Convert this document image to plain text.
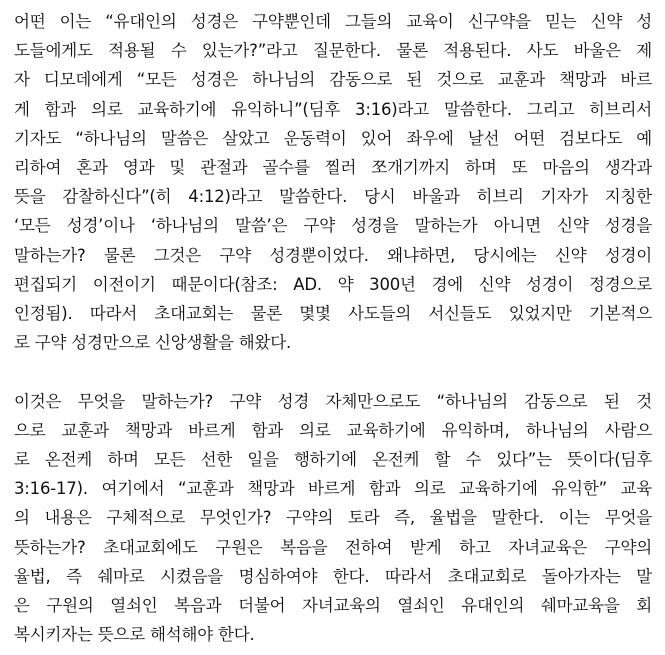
어떤 이는 “유대인의 성경은 구약뿐인데 그들의 교육이 신구약을 믿는 신약 성
도들에게도 적용될 수 있는가?”라고 질문한다. 물론 적용된다. 사도 바울은 제
자 디모데에게 “모든 성경은 하나님의 감동으로 된 것으로 교훈과 책망과 바르
게 함과 의로 교육하기에 유익하니”(딤후 3:16)라고 말씀한다. 그리고 히브리서
기자도 “하나님의 말씀은 살았고 운동력이 있어 좌우에 날선 어떤 검보다도 예
리하여 혼과 영과 및 관절과 골수를 찔러 쪼개기까지 하며 또 마음의 생각과
뜻을 감찰하신다”(히 4:12)라고 말씀한다. 당시 바울과 히브리 기자가 지칭한
‘모든 성경’이나 ‘하나님의 말씀’은 구약 성경을 말하는가 아니면 신약 성경을
말하는가? 물론 그것은 구약 성경뿐이었다. 왜냐하면, 당시에는 신약 성경이
편집되기 이전이기 때문이다(참조: AD. 약 300년 경에 신약 성경이 정경으로
인정됨). 따라서 초대교회는 물론 몇몇 사도들의 서신들도 있었지만 기본적으
로 구약 성경만으로 신앙생활을 해왔다.

이것은 무엇을 말하는가? 구약 성경 자체만으로도 “하나님의 감동으로 된 것
으로 교훈과 책망과 바르게 함과 의로 교육하기에 유익하며, 하나님의 사람으
로 온전케 하며 모든 선한 일을 행하기에 온전케 할 수 있다”는 뜻이다(딤후
3:16-17). 여기에서 “교훈과 책망과 바르게 함과 의로 교육하기에 유익한” 교육
의 내용은 구체적으로 무엇인가? 구약의 토라 즉, 율법을 말한다. 이는 무엇을
뜻하는가? 초대교회에도 구원은 복음을 전하여 받게 하고 자녀교육은 구약의
율법, 즉 쉐마로 시켰음을 명심하여야 한다. 따라서 초대교회로 돌아가자는 말
은 구원의 열쇠인 복음과 더불어 자녀교육의 열쇠인 유대인의 쉐마교육을 회
복시키자는 뜻으로 해석해야 한다.
